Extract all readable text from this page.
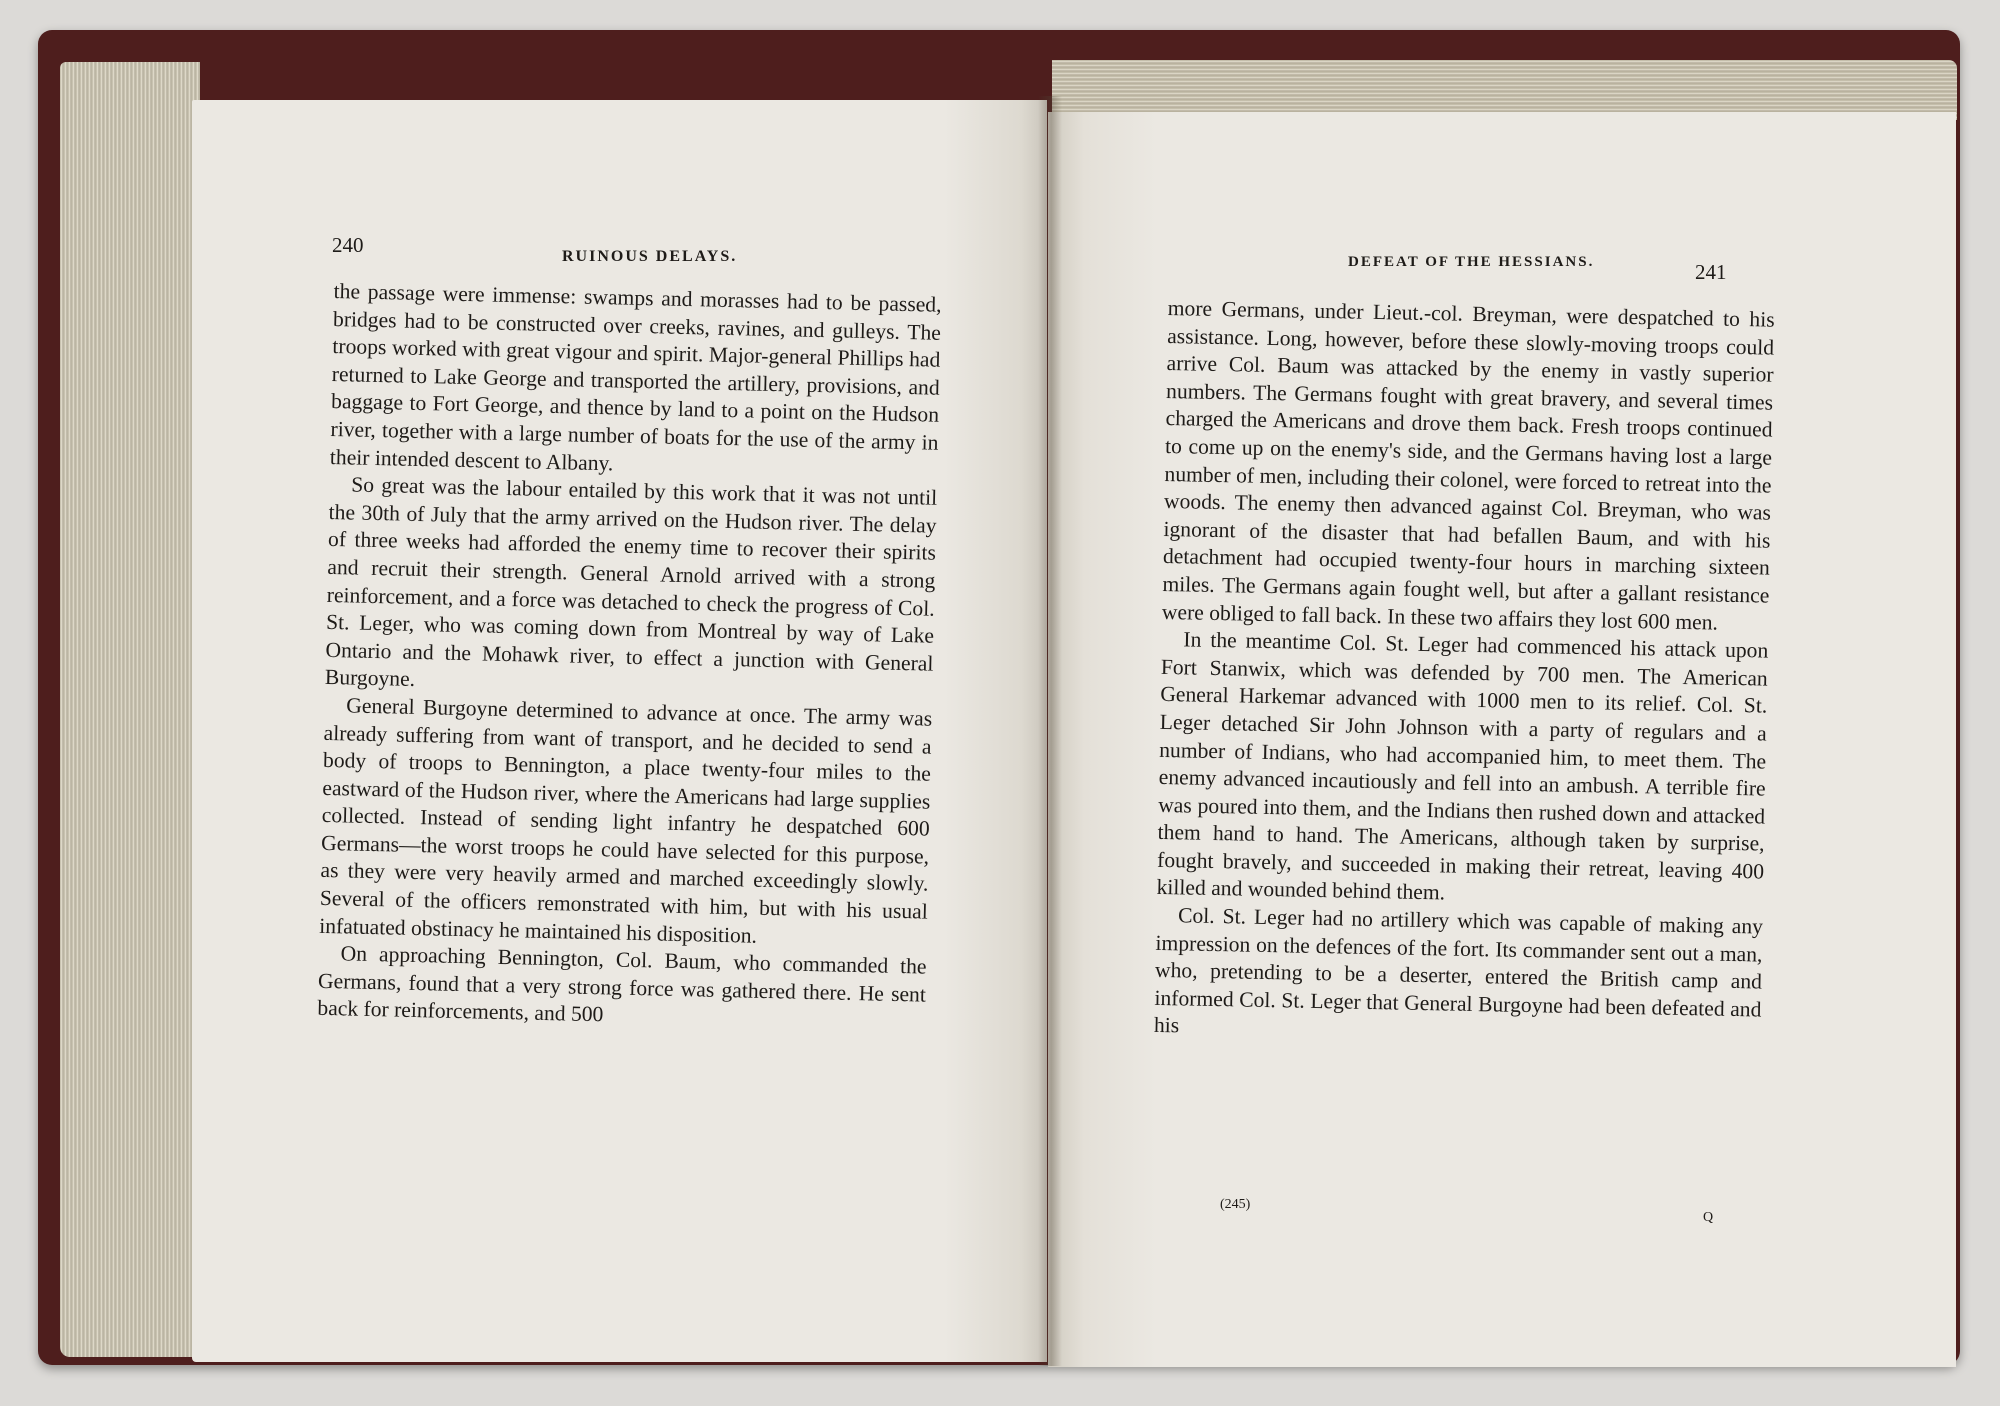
240	RUINOUS DELAYS.

the passage were immense: swamps and morasses had to be passed, bridges had to be constructed over creeks, ravines, and gulleys. The troops worked with great vigour and spirit. Major-general Phillips had returned to Lake George and transported the artillery, provisions, and baggage to Fort George, and thence by land to a point on the Hudson river, together with a large number of boats for the use of the army in their intended descent to Albany.

So great was the labour entailed by this work that it was not until the 30th of July that the army arrived on the Hudson river. The delay of three weeks had afforded the enemy time to recover their spirits and recruit their strength. General Arnold arrived with a strong reinforcement, and a force was detached to check the progress of Col. St. Leger, who was coming down from Montreal by way of Lake Ontario and the Mohawk river, to effect a junction with General Burgoyne.

General Burgoyne determined to advance at once. The army was already suffering from want of transport, and he decided to send a body of troops to Bennington, a place twenty-four miles to the eastward of the Hudson river, where the Americans had large supplies collected. Instead of sending light infantry he despatched 600 Germans—the worst troops he could have selected for this purpose, as they were very heavily armed and marched exceedingly slowly. Several of the officers remonstrated with him, but with his usual infatuated obstinacy he maintained his disposition.

On approaching Bennington, Col. Baum, who commanded the Germans, found that a very strong force was gathered there. He sent back for reinforcements, and 500

DEFEAT OF THE HESSIANS.	241

more Germans, under Lieut.-col. Breyman, were despatched to his assistance. Long, however, before these slowly-moving troops could arrive Col. Baum was attacked by the enemy in vastly superior numbers. The Germans fought with great bravery, and several times charged the Americans and drove them back. Fresh troops continued to come up on the enemy's side, and the Germans having lost a large number of men, including their colonel, were forced to retreat into the woods. The enemy then advanced against Col. Breyman, who was ignorant of the disaster that had befallen Baum, and with his detachment had occupied twenty-four hours in marching sixteen miles. The Germans again fought well, but after a gallant resistance were obliged to fall back. In these two affairs they lost 600 men.

In the meantime Col. St. Leger had commenced his attack upon Fort Stanwix, which was defended by 700 men. The American General Harkemar advanced with 1000 men to its relief. Col. St. Leger detached Sir John Johnson with a party of regulars and a number of Indians, who had accompanied him, to meet them. The enemy advanced incautiously and fell into an ambush. A terrible fire was poured into them, and the Indians then rushed down and attacked them hand to hand. The Americans, although taken by surprise, fought bravely, and succeeded in making their retreat, leaving 400 killed and wounded behind them.

Col. St. Leger had no artillery which was capable of making any impression on the defences of the fort. Its commander sent out a man, who, pretending to be a deserter, entered the British camp and informed Col. St. Leger that General Burgoyne had been defeated and his

(245)
Q
